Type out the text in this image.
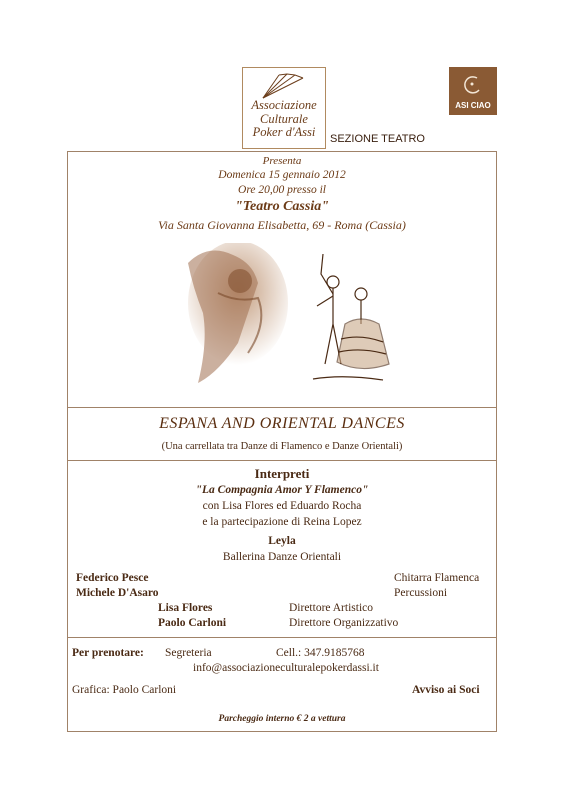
Associazione
Culturale
Poker d'Assi	SEZIONE TEATRO
ASI CIAO
Presenta
Domenica 15 gennaio 2012
Ore 20,00 presso il
"Teatro Cassia"
Via Santa Giovanna Elisabetta, 69 - Roma (Cassia)
ESPANA AND ORIENTAL DANCES
(Una carrellata tra Danze di Flamenco e Danze Orientali)
Interpreti
"La Compagnia Amor Y Flamenco"
con Lisa Flores ed Eduardo Rocha
e la partecipazione di Reina Lopez
Leyla
Ballerina Danze Orientali
Federico Pesce	Chitarra Flamenca
Michele D'Asaro	Percussioni
Lisa Flores	Direttore Artistico
Paolo Carloni	Direttore Organizzativo
Per prenotare: Segreteria	Cell.: 347.9185768
info@associazioneculturalepokerdassi.it
Grafica: Paolo Carloni	Avviso ai Soci
Parcheggio interno € 2 a vettura
